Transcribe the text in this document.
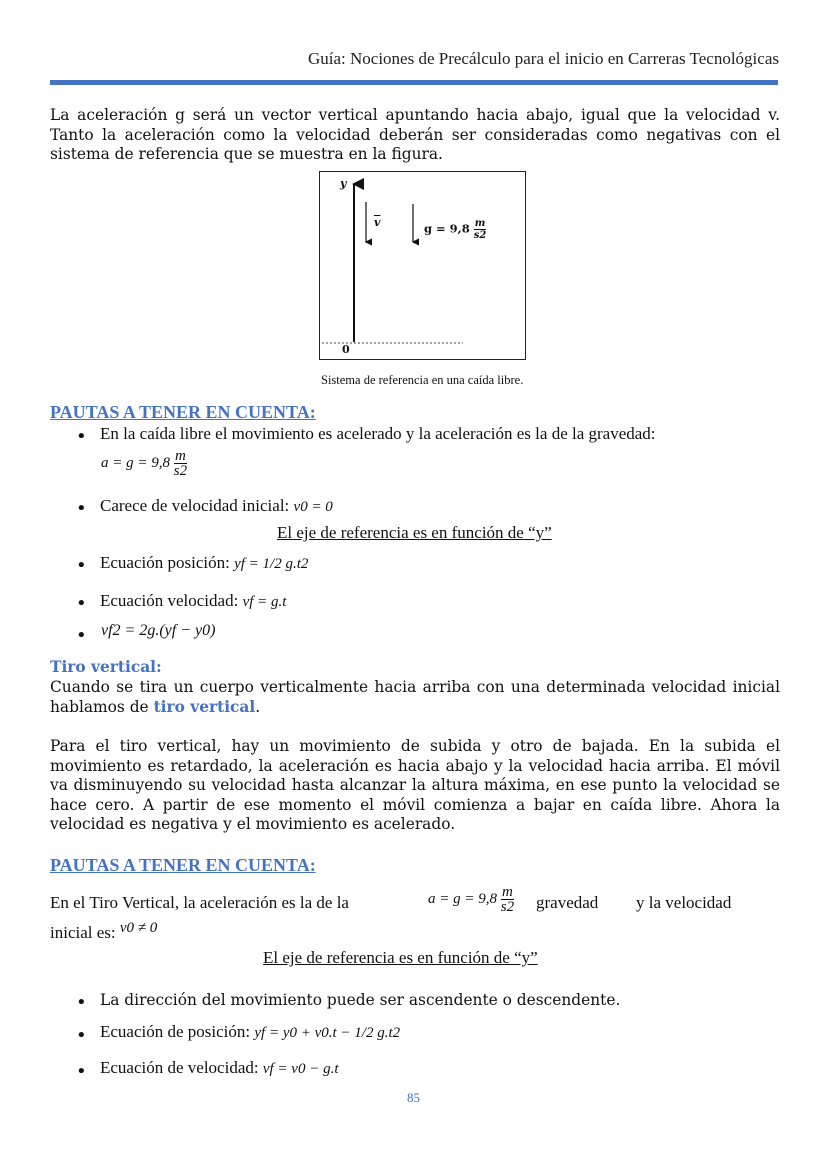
Guía: Nociones de Precálculo para el inicio en Carreras Tecnológicas
La aceleración g será un vector vertical apuntando hacia abajo, igual que la velocidad v. Tanto la aceleración como la velocidad deberán ser consideradas como negativas con el sistema de referencia que se muestra en la figura.
y
0
$\overline{v}$	$g = 9,8 \frac{m}{s2}$
Sistema de referencia en una caída libre.
PAUTAS A TENER EN CUENTA:
• En la caída libre el movimiento es acelerado y la aceleración es la de la gravedad:
$a = g = 9,8 \frac{m}{s2}$
• Carece de velocidad inicial: v0 = 0
El eje de referencia es en función de “y”
• Ecuación posición: yf = 1/2 g.t2
• Ecuación velocidad: vf = g.t
• vf2 = 2g.(yf − y0)
Tiro vertical:
Cuando se tira un cuerpo verticalmente hacia arriba con una determinada velocidad inicial hablamos de tiro vertical.
Para el tiro vertical, hay un movimiento de subida y otro de bajada. En la subida el movimiento es retardado, la aceleración es hacia abajo y la velocidad hacia arriba. El móvil va disminuyendo su velocidad hasta alcanzar la altura máxima, en ese punto la velocidad se hace cero. A partir de ese momento el móvil comienza a bajar en caída libre. Ahora la velocidad es negativa y el movimiento es acelerado.
PAUTAS A TENER EN CUENTA:
En el Tiro Vertical, la aceleración es la de la	$a = g = 9,8 \frac{m}{s2}$ gravedad y la velocidad
inicial es: v0 ≠ 0
El eje de referencia es en función de “y”
• La dirección del movimiento puede ser ascendente o descendente.
• Ecuación de posición: yf = y0 + v0.t − 1/2 g.t2
• Ecuación de velocidad: vf = v0 − g.t
85
